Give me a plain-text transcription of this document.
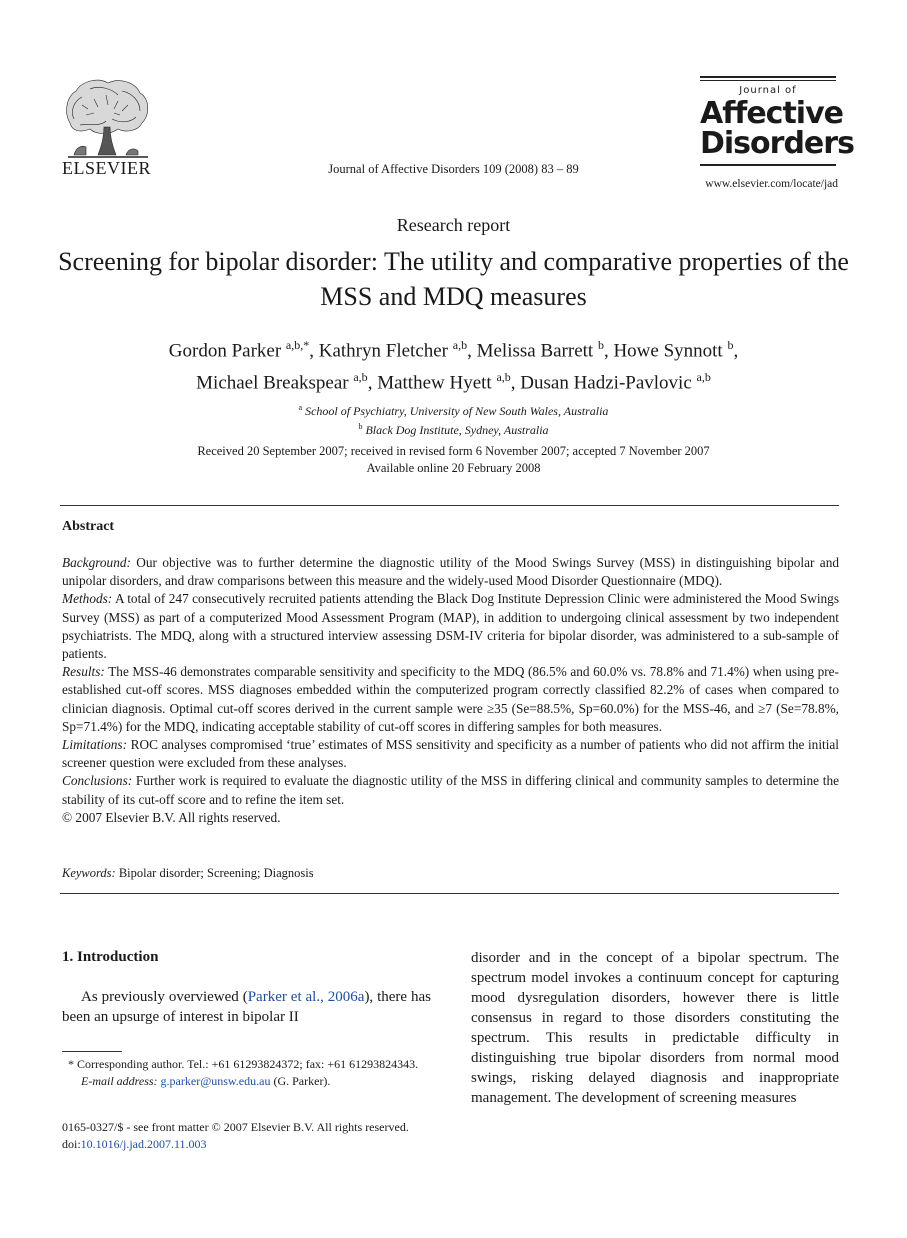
ELSEVIER	Journal of Affective Disorders 109 (2008) 83 – 89
Journal of
Affective
Disorders
www.elsevier.com/locate/jad
Research report
Screening for bipolar disorder: The utility and comparative properties of the MSS and MDQ measures
Gordon Parker $^{a,b,*}$, Kathryn Fletcher $^{a,b}$, Melissa Barrett $^b$, Howe Synnott $^b$,
Michael Breakspear $^{a,b}$, Matthew Hyett $^{a,b}$, Dusan Hadzi-Pavlovic $^{a,b}$
$^a$ School of Psychiatry, University of New South Wales, Australia
$^b$ Black Dog Institute, Sydney, Australia
Received 20 September 2007; received in revised form 6 November 2007; accepted 7 November 2007
Available online 20 February 2008
Abstract

Background: Our objective was to further determine the diagnostic utility of the Mood Swings Survey (MSS) in distinguishing bipolar and unipolar disorders, and draw comparisons between this measure and the widely-used Mood Disorder Questionnaire (MDQ).

Methods: A total of 247 consecutively recruited patients attending the Black Dog Institute Depression Clinic were administered the Mood Swings Survey (MSS) as part of a computerized Mood Assessment Program (MAP), in addition to undergoing clinical assessment by two independent psychiatrists. The MDQ, along with a structured interview assessing DSM-IV criteria for bipolar disorder, was administered to a sub-sample of patients.

Results: The MSS-46 demonstrates comparable sensitivity and specificity to the MDQ (86.5% and 60.0% vs. 78.8% and 71.4%) when using pre-established cut-off scores. MSS diagnoses embedded within the computerized program correctly classified 82.2% of cases when compared to clinician diagnosis. Optimal cut-off scores derived in the current sample were ≥35 (Se=88.5%, Sp=60.0%) for the MSS-46, and ≥7 (Se=78.8%, Sp=71.4%) for the MDQ, indicating acceptable stability of cut-off scores in differing samples for both measures.

Limitations: ROC analyses compromised ‘true’ estimates of MSS sensitivity and specificity as a number of patients who did not affirm the initial screener question were excluded from these analyses.

Conclusions: Further work is required to evaluate the diagnostic utility of the MSS in differing clinical and community samples to determine the stability of its cut-off score and to refine the item set.

© 2007 Elsevier B.V. All rights reserved.

Keywords: Bipolar disorder; Screening; Diagnosis
1. Introduction
As previously overviewed (Parker et al., 2006a), there has been an upsurge of interest in bipolar II
disorder and in the concept of a bipolar spectrum. The spectrum model invokes a continuum concept for capturing mood dysregulation disorders, however there is little consensus in regard to those disorders constituting the spectrum. This results in predictable difficulty in distinguishing true bipolar disorders from normal mood swings, risking delayed diagnosis and inappropriate management. The development of screening measures

* Corresponding author. Tel.: +61 61293824372; fax: +61 61293824343.

E-mail address: g.parker@unsw.edu.au (G. Parker).

0165-0327/$ - see front matter © 2007 Elsevier B.V. All rights reserved.
doi:10.1016/j.jad.2007.11.003
